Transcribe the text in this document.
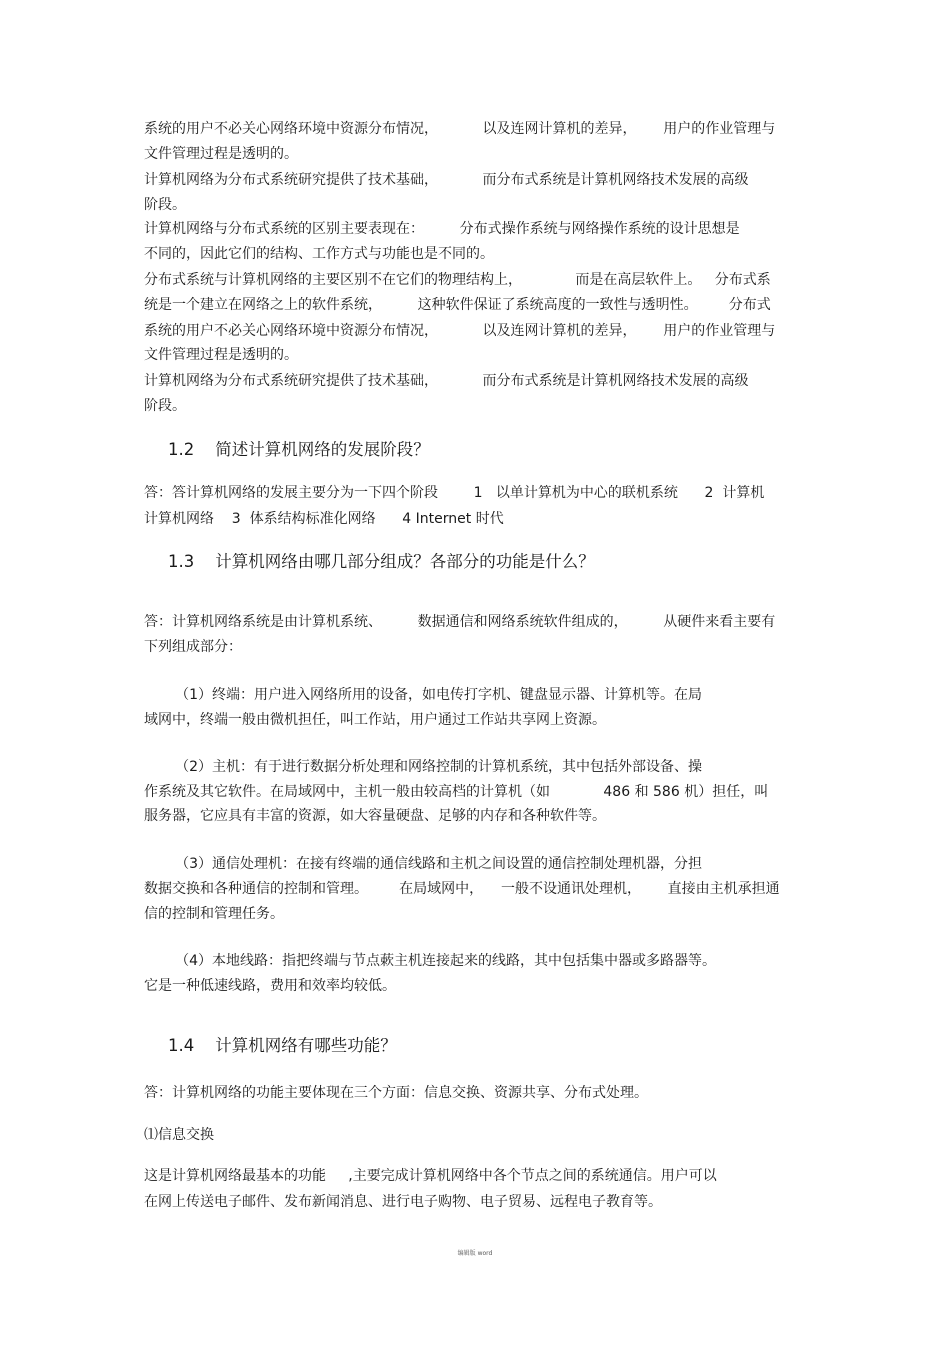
系统的用户不必关心网络环境中资源分布情况，          以及连网计算机的差异，      用户的作业管理与
文件管理过程是透明的。
计算机网络为分布式系统研究提供了技术基础，          而分布式系统是计算机网络技术发展的高级
阶段。
计算机网络与分布式系统的区别主要表现在：        分布式操作系统与网络操作系统的设计思想是
不同的，因此它们的结构、工作方式与功能也是不同的。
分布式系统与计算机网络的主要区别不在它们的物理结构上，            而是在高层软件上。   分布式系
统是一个建立在网络之上的软件系统，        这种软件保证了系统高度的一致性与透明性。       分布式
系统的用户不必关心网络环境中资源分布情况，          以及连网计算机的差异，      用户的作业管理与
文件管理过程是透明的。
计算机网络为分布式系统研究提供了技术基础，          而分布式系统是计算机网络技术发展的高级
阶段。
1.2    简述计算机网络的发展阶段？
答：答计算机网络的发展主要分为一下四个阶段        1   以单计算机为中心的联机系统      2  计算机
计算机网络    3  体系结构标准化网络      4 Internet 时代
1.3    计算机网络由哪几部分组成？各部分的功能是什么？
答：计算机网络系统是由计算机系统、        数据通信和网络系统软件组成的，        从硬件来看主要有
下列组成部分：
（1）终端：用户进入网络所用的设备，如电传打字机、键盘显示器、计算机等。在局
域网中，终端一般由微机担任，叫工作站，用户通过工作站共享网上资源。
（2）主机：有于进行数据分析处理和网络控制的计算机系统，其中包括外部设备、操
作系统及其它软件。在局域网中，主机一般由较高档的计算机（如            486 和 586 机）担任，叫
服务器，它应具有丰富的资源，如大容量硬盘、足够的内存和各种软件等。
（3）通信处理机：在接有终端的通信线路和主机之间设置的通信控制处理机器，分担
数据交换和各种通信的控制和管理。       在局域网中，    一般不设通讯处理机，      直接由主机承担通
信的控制和管理任务。
（4）本地线路：指把终端与节点蔌主机连接起来的线路，其中包括集中器或多路器等。
它是一种低速线路，费用和效率均较低。
1.4    计算机网络有哪些功能？
答：计算机网络的功能主要体现在三个方面：信息交换、资源共享、分布式处理。
⑴信息交换
这是计算机网络最基本的功能     ,主要完成计算机网络中各个节点之间的系统通信。用户可以
在网上传送电子邮件、发布新闻消息、进行电子购物、电子贸易、远程电子教育等。
编辑版 word
